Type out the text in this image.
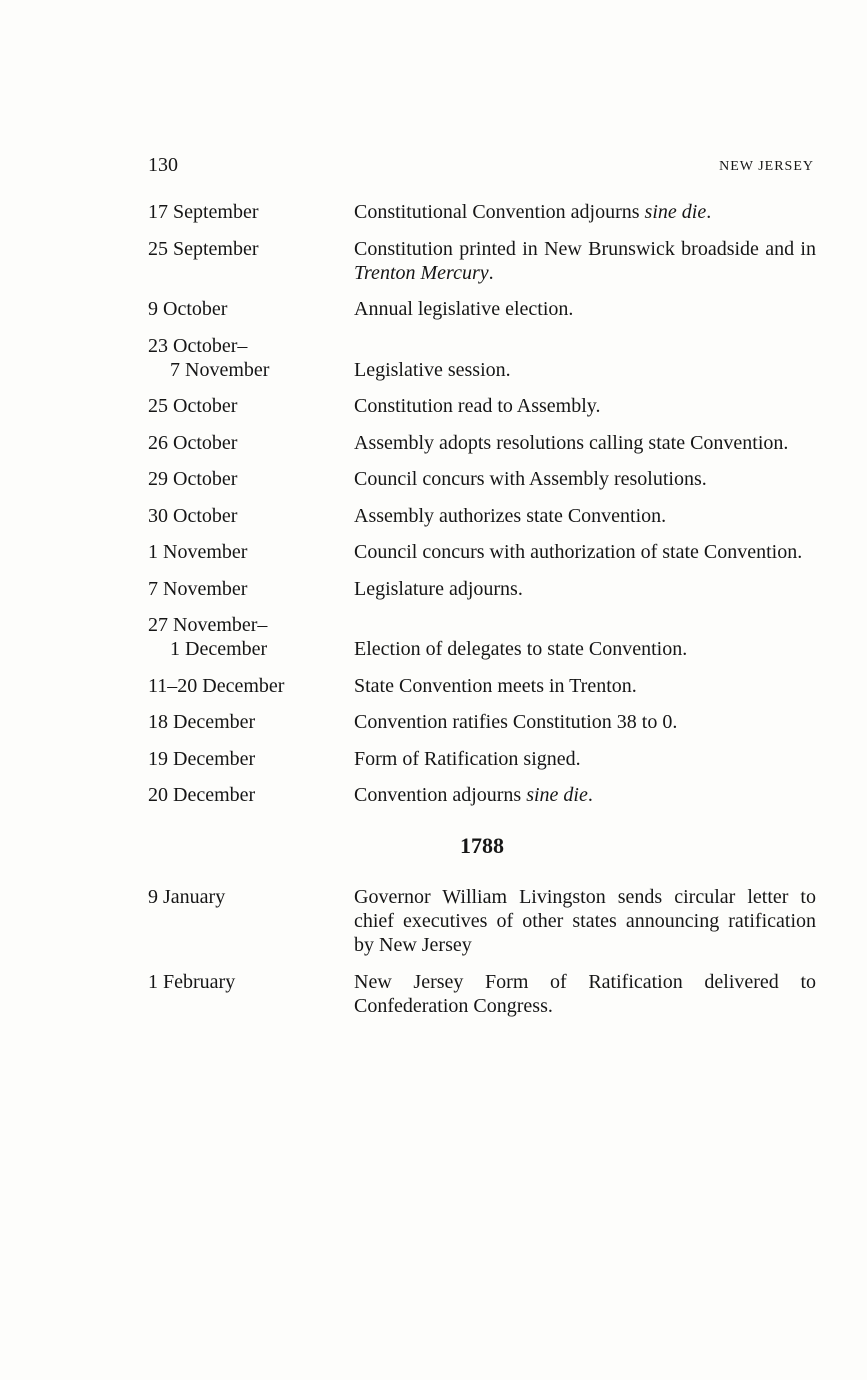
130	NEW JERSEY
17 September	Constitutional Convention adjourns sine die.
25 September	Constitution printed in New Brunswick broadside and in Trenton Mercury.
9 October	Annual legislative election.
23 October–
7 November	Legislative session.
25 October	Constitution read to Assembly.
26 October	Assembly adopts resolutions calling state Convention.
29 October	Council concurs with Assembly resolutions.
30 October	Assembly authorizes state Convention.
1 November	Council concurs with authorization of state Convention.
7 November	Legislature adjourns.
27 November–
1 December	Election of delegates to state Convention.
11–20 December	State Convention meets in Trenton.
18 December	Convention ratifies Constitution 38 to 0.
19 December	Form of Ratification signed.
20 December	Convention adjourns sine die.
1788
9 January	Governor William Livingston sends circular letter to chief executives of other states announcing ratification by New Jersey
1 February	New Jersey Form of Ratification delivered to Confederation Congress.
